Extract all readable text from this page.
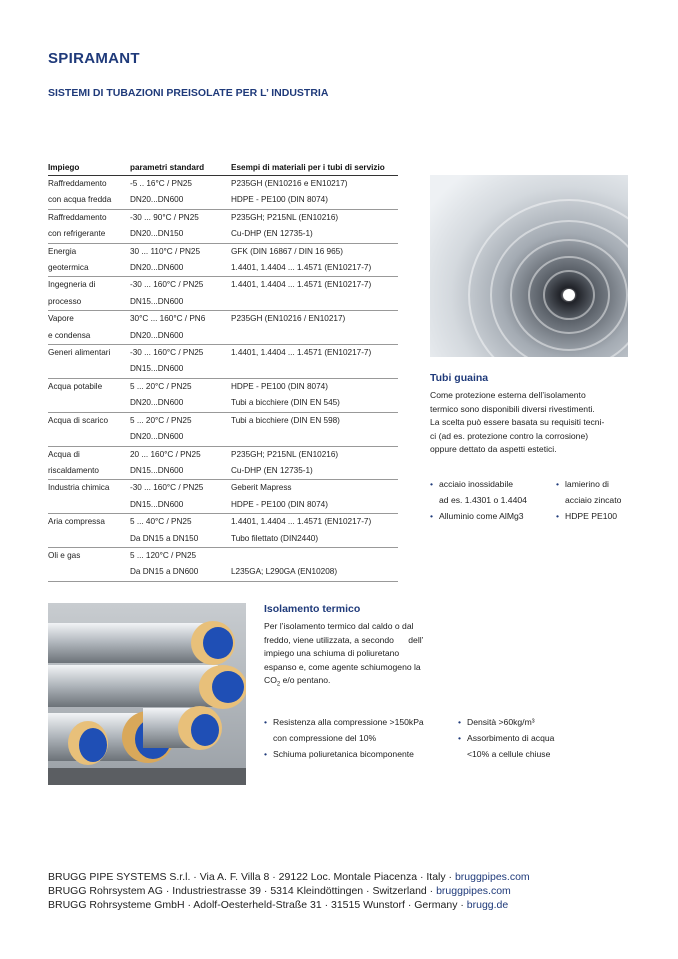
SPIRAMANT
SISTEMI DI TUBAZIONI PREISOLATE PER L’ INDUSTRIA
Impiego	parametri standard	Esempi di materiali per i tubi di servizio
Raffreddamento	-5 .. 16°C / PN25	P235GH (EN10216 e EN10217)
con acqua fredda	DN20...DN600	HDPE - PE100 (DIN 8074)
Raffreddamento	-30 ... 90°C / PN25	P235GH; P215NL (EN10216)
con refrigerante	DN20...DN150	Cu-DHP (EN 12735-1)
Energia	30 ... 110°C / PN25	GFK (DIN 16867 / DIN 16 965)
geotermica	DN20...DN600	1.4401, 1.4404 ... 1.4571 (EN10217-7)
Ingegneria di	-30 ... 160°C / PN25	1.4401, 1.4404 ... 1.4571 (EN10217-7)
processo	DN15...DN600	
Vapore	30°C ... 160°C / PN6	P235GH (EN10216 / EN10217)
e condensa	DN20...DN600	
Generi alimentari	-30 ... 160°C / PN25	1.4401, 1.4404 ... 1.4571 (EN10217-7)
	DN15...DN600	
Acqua potabile	5 ... 20°C / PN25	HDPE - PE100 (DIN 8074)
	DN20...DN600	Tubi a bicchiere (DIN EN 545)
Acqua di scarico	5 ... 20°C / PN25	Tubi a bicchiere (DIN EN 598)
	DN20...DN600	
Acqua di	20 ... 160°C / PN25	P235GH; P215NL (EN10216)
riscaldamento	DN15...DN600	Cu-DHP (EN 12735-1)
Industria chimica	-30 ... 160°C / PN25	Geberit Mapress
	DN15...DN600	HDPE - PE100 (DIN 8074)
Aria compressa	5 ... 40°C / PN25	1.4401, 1.4404 ... 1.4571 (EN10217-7)
	Da DN15 a DN150	Tubo filettato (DIN2440)
Oli e gas	5 ... 120°C / PN25	
	Da DN15 a DN600	L235GA; L290GA (EN10208)
Tubi guaina
Come protezione esterna dell’isolamento
termico sono disponibili diversi rivestimenti.
La scelta può essere basata su requisiti tecni-
ci (ad es. protezione contro la corrosione)
oppure dettato da aspetti estetici.
• acciaio inossidabile
ad es. 1.4301 o 1.4404
• Alluminio come AlMg3
• lamierino di
acciaio zincato
• HDPE PE100
Isolamento termico
Per l’isolamento termico dal caldo o dal
freddo, viene utilizzata, a secondo      dell’
impiego una schiuma di poliuretano
espanso e, come agente schiumogeno la
$CO_2$ e/o pentano.
• Resistenza alla compressione >150kPa
con compressione del 10%
• Schiuma poliuretanica bicomponente
• Densità >60kg/m³
• Assorbimento di acqua
<10% a cellule chiuse
BRUGG PIPE SYSTEMS S.r.l. · Via A. F. Villa 8 · 29122 Loc. Montale Piacenza · Italy · bruggpipes.com
BRUGG Rohrsystem AG · Industriestrasse 39 · 5314 Kleindöttingen · Switzerland · bruggpipes.com
BRUGG Rohrsysteme GmbH · Adolf-Oesterheld-Straße 31 · 31515 Wunstorf · Germany · brugg.de
